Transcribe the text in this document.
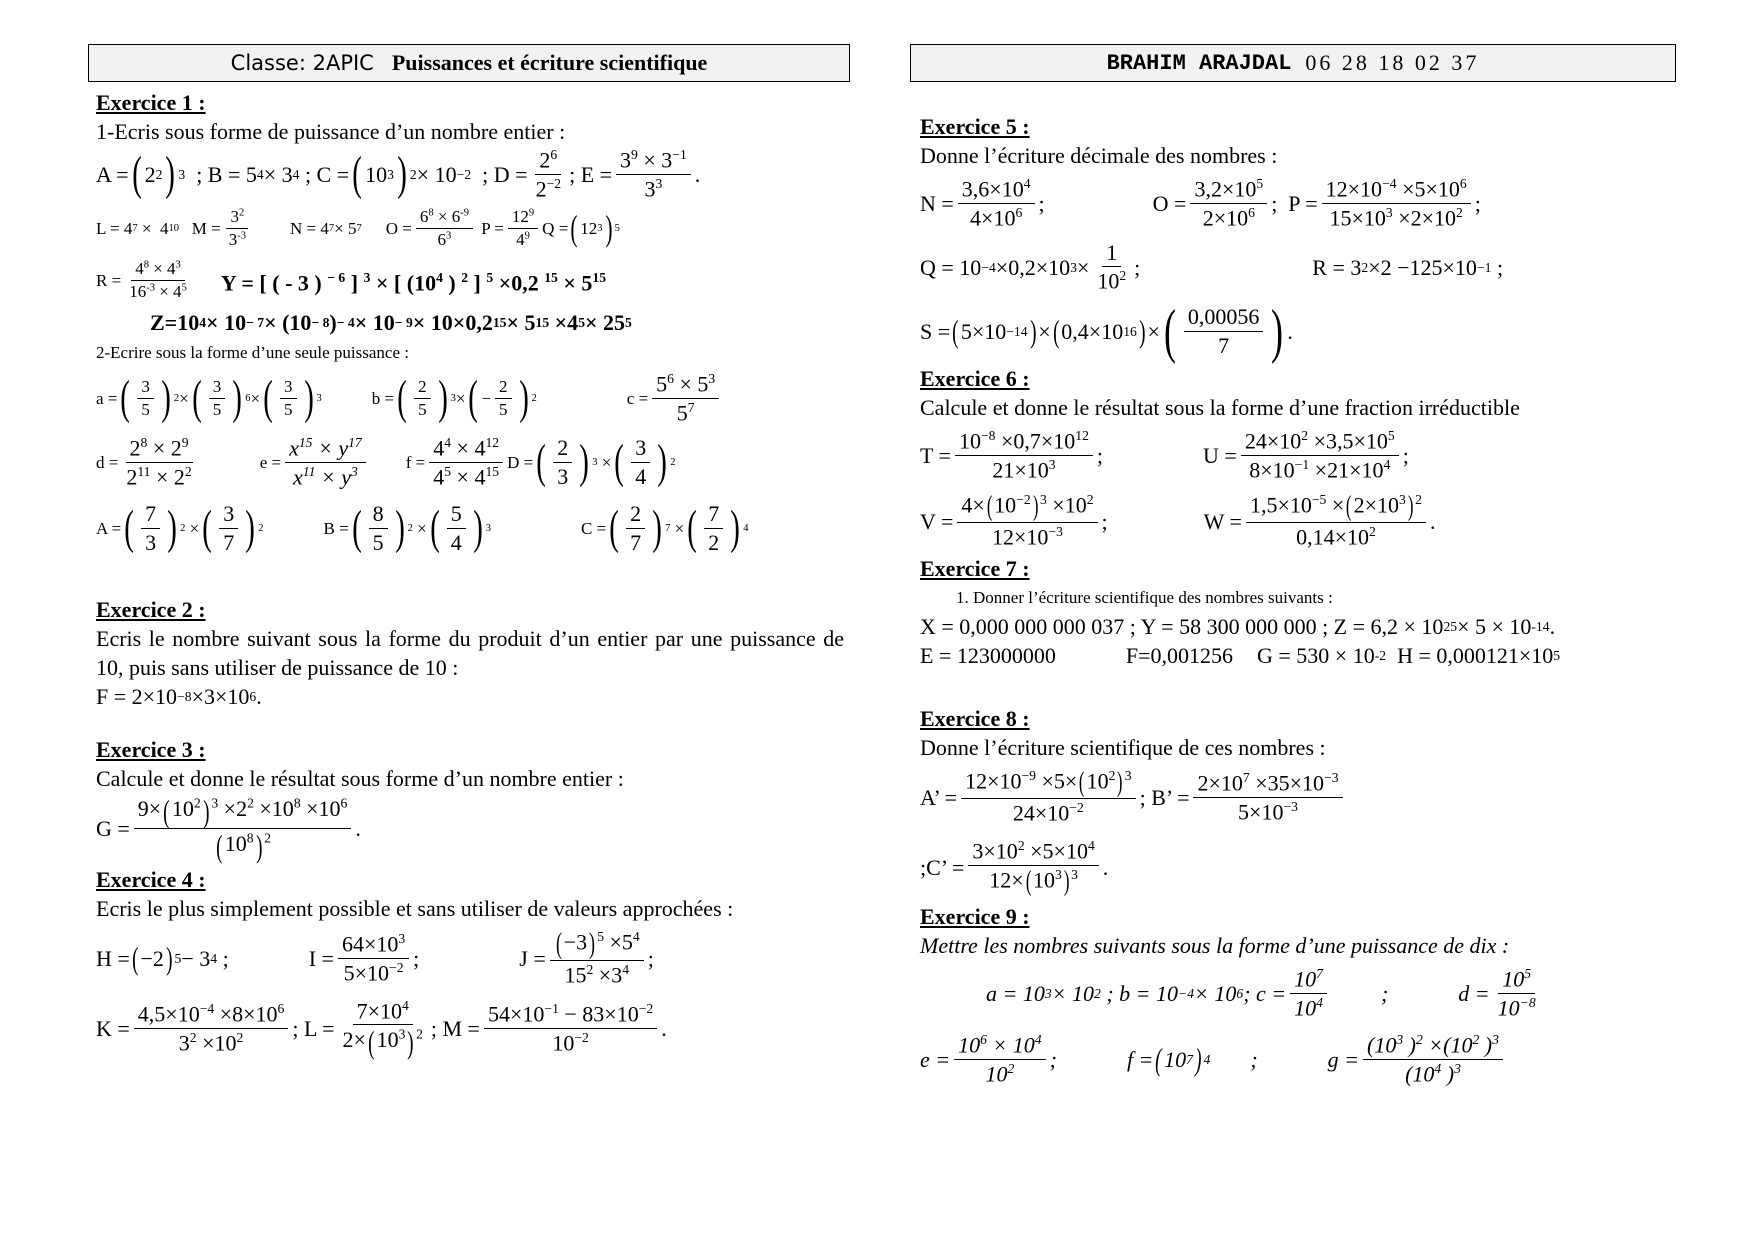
Classe: 2APIC Puissances et écriture scientifique	BRAHIM ARAJDAL 06 28 18 02 37
Exercice 1 :
1-Ecris sous forme de puissance d’un nombre entier :
A = ( 2 2 ) 3 ; B = 5 4 × 3 4 ; C = ( 10 3 ) 2 × 10 −2 ; $D = \frac{2^6}{2^{-2}}$ ; $E = \frac{3^9 \times 3^{-1}}{3^3}$ .
L = 4 7 ×  4 10 $M = \frac{3^2}{3^{-3}}$ N = 4 7 × 5 7 $O = \frac{6^8 \times 6^{-9}}{6^3}$ $P = \frac{12^9}{4^9}$ Q = ( 12 3 ) 5
$R = \frac{4^8 \times 4^3}{16^{-3} \times 4^5}$ Y = [ ( - 3 ) $^{- 6}$ ] $^3$ × [ ($10^4$ ) $^2$ ] $^5$ ×0,2 $^{15} \times 5^{15}$
Z=10 4 × 10 − 7 × (10 − 8 ) − 4 × 10 − 9 × 10×0,2 15 × 5 15 ×4 5 × 25 5
2-Ecrire sous la forme d’une seule puissance :
a = ( $\frac{3}{5}$ ) 2 × ( $\frac{3}{5}$ ) 6 × ( $\frac{3}{5}$ ) 3	b = ( $\frac{2}{5}$ ) 3 × ( − $\frac{2}{5}$ ) 2	$c = \frac{5^6 \times 5^3}{5^7}$
$d = \frac{2^8 \times 2^9}{2^{11} \times 2^2}$	$e = \frac{x^{15} \times y^{17}}{x^{11} \times y^3}$ $f = \frac{4^4 \times 4^{12}}{4^5 \times 4^{15}}$ D = ( $\frac{2}{3}$ ) 3 × ( $\frac{3}{4}$ ) 2
A = ( $\frac{7}{3}$ ) 2 × ( $\frac{3}{7}$ ) 2	B = ( $\frac{8}{5}$ ) 2 × ( $\frac{5}{4}$ ) 3	C = ( $\frac{2}{7}$ ) 7 × ( $\frac{7}{2}$ ) 4
Exercice 2 :
Ecris le nombre suivant sous la forme du produit d’un entier par une puissance de 10, puis sans utiliser de puissance de 10 :
F = 2×10 −8 ×3×10 6 .
Exercice 3 :
Calcule et donne le résultat sous forme d’un nombre entier :
$G = \frac{9\times(10^2) ^3 \times 2^2 \times 10^8 \times 10^6}{(10^8) ^2}$ .
Exercice 4 :
Ecris le plus simplement possible et sans utiliser de valeurs approchées :
H = ( −2 ) 5 − 3 4 ;	$I = \frac{64\times 10^3}{5\times 10^{-2}}$ ;	$J = \frac{(-3) ^5 \times 5^4}{15^2 \times 3^4}$ ;
$K = \frac{4,5\times 10^{-4} \times 8\times 10^6}{3^2 \times 10^2}$ ; $L = \frac{7\times 10^4}{2\times(10^3) ^2}$ ; $M = \frac{54\times 10^{-1} - 83\times 10^{-2}}{10^{-2}}$ .
Exercice 5 :
Donne l’écriture décimale des nombres :
$N = \frac{3,6\times 10^4}{4\times 10^6}$ ;	$O = \frac{3,2\times 10^5}{2\times 10^6}$ ;  $P = \frac{12\times 10^{-4} \times 5\times 10^6}{15\times 10^3 \times 2\times 10^2}$ ;
Q = 10 −4 ×0,2×10 $3 \times \frac{1}{10^2}$ ;	R = 3 2 ×2 −125×10 −1 ;
S = ( 5×10 −14 ) × ( 0,4×10 16 ) × ( $\frac{0,00056}{7}$ ) .
Exercice 6 :
Calcule et donne le résultat sous la forme d’une fraction irréductible
$T = \frac{10^{-8} \times 0,7\times 10^{12}}{21\times 10^3}$ ;	$U = \frac{24\times 10^2 \times 3,5\times 10^5}{8\times 10^{-1} \times 21\times 10^4}$ ;
$V = \frac{4\times(10^{-2}) ^3 \times 10^2}{12\times 10^{-3}}$ ;	$W = \frac{1,5\times 10^{-5} \times(2\times 10^3) ^2}{0,14\times 10^2}$ .
Exercice 7 :
1. Donner l’écriture scientifique des nombres suivants :
X = 0,000 000 000 037 ; Y = 58 300 000 000 ; Z = 6,2 × 10 25 × 5 × 10 -14 .
E = 123000000	F=0,001256 G = 530 × 10 -2 H = 0,000121×10 5
Exercice 8 :
Donne l’écriture scientifique de ces nombres :
A’ = $\frac{12\times 10^{-9} \times 5\times(10^2) ^3}{24\times 10^{-2}}$ ; B’ = $\frac{2\times 10^7 \times 35\times 10^{-3}}{5\times 10^{-3}}$
;C’ = $\frac{3\times 10^2 \times 5\times 10^4}{12\times(10^3) ^3}$ .
Exercice 9 :
Mettre les nombres suivants sous la forme d’une puissance de dix :
a = 10 3 × 10 2 ; b = 10 −4 × 10 6 ; $c = \frac{10^7}{10^4}$ ;	$d = \frac{10^5}{10^{-8}}$
$e = \frac{10^6 \times 10^4}{10^2}$ ;	f = ( 10 7 ) 4 ;	$g = \frac{(10^3 )^2 \times(10^2 )^3}{(10^4 )^3}$
